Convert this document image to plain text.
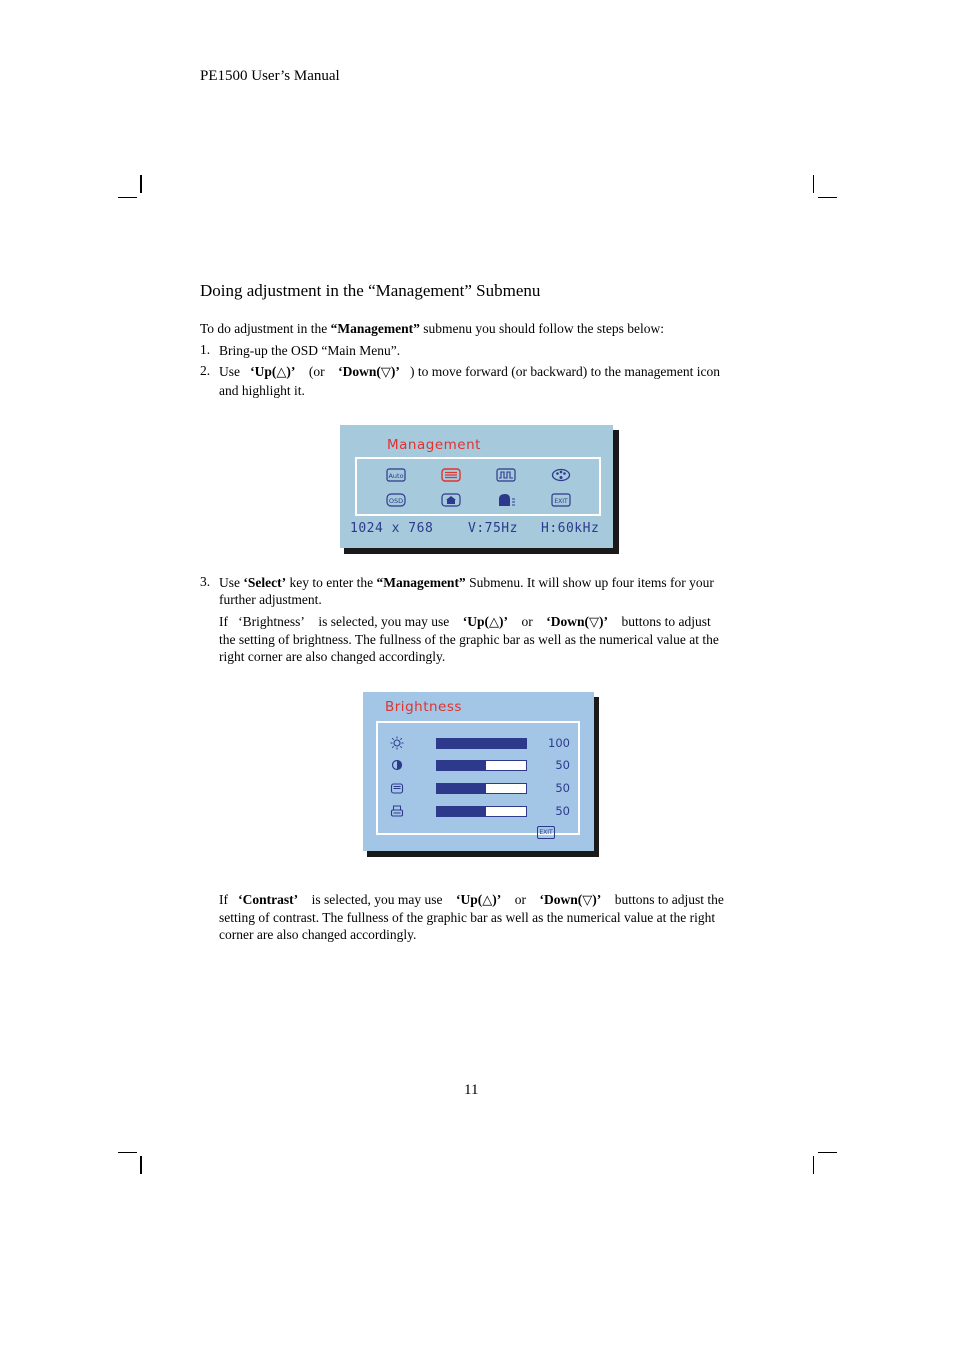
PE1500 User’s Manual
Doing adjustment in the “Management” Submenu
To do adjustment in the “Management” submenu you should follow the steps below:
1. Bring-up the OSD “Main Menu”.
2. Use ‘Up(△)’ (or ‘Down(▽)’ ) to move forward (or backward) to the management icon
and highlight it.
Management
Auto
OSD	EXIT
1024 x 768	V:75Hz H:60kHz
3. Use ‘Select’ key to enter the “Management” Submenu. It will show up four items for your
further adjustment.
If ‘Brightness’ is selected, you may use ‘Up(△)’ or ‘Down(▽)’ buttons to adjust
the setting of brightness. The fullness of the graphic bar as well as the numerical value at the
right corner are also changed accordingly.
Brightness
100
50
50
50
EXIT
If ‘Contrast’ is selected, you may use ‘Up(△)’ or ‘Down(▽)’ buttons to adjust the
setting of contrast. The fullness of the graphic bar as well as the numerical value at the right
corner are also changed accordingly.
11
